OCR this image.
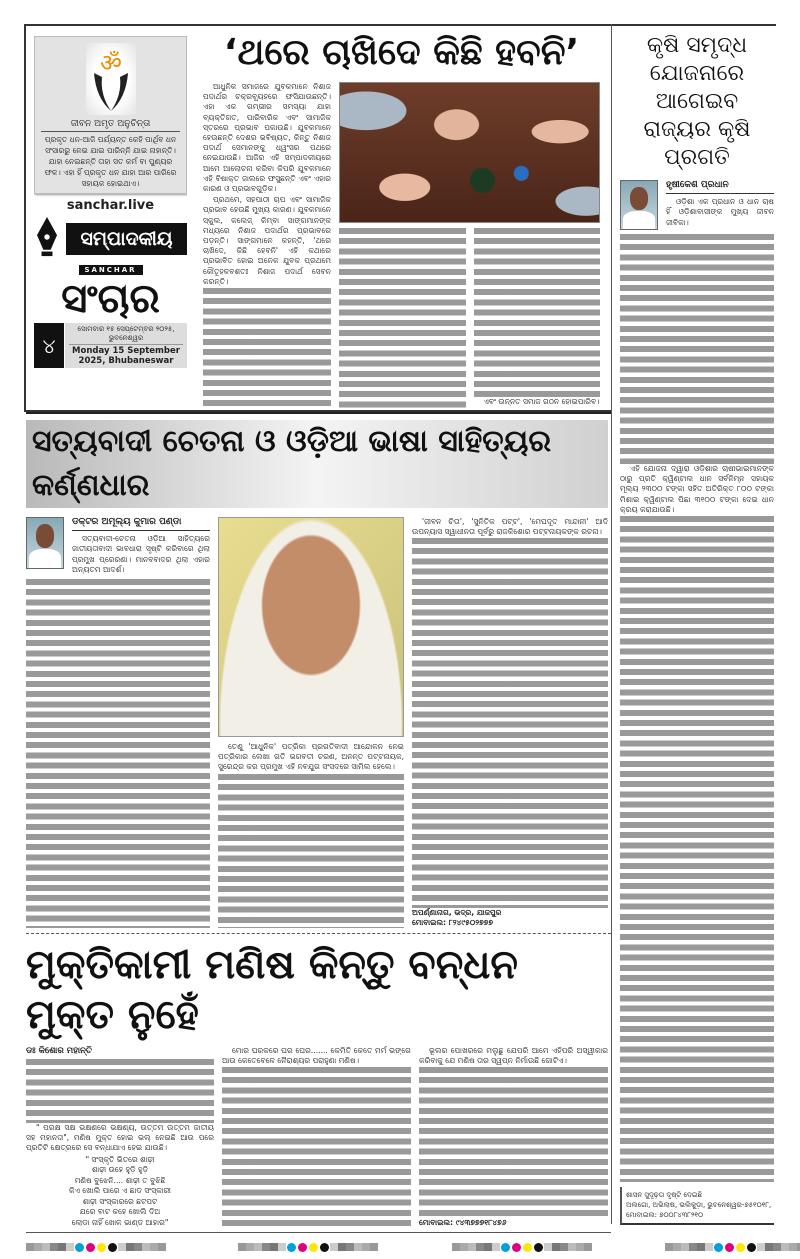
ॐ
ଜୀବନ ଅମୃତ ଅନୁଚିନ୍ତା

ପ୍ରକୃତ ଧନ-ଆଜି ପର୍ଯ୍ୟନ୍ତ କେହି ପାର୍ଥିବ ଧନ ସଂସାରରୁ ନେଇ ଯାଇ ପାରିନ୍ନି ଯାଇ ନାହାନ୍ତି। ଯାହା ନେଇଛନ୍ତି ତାହା ସତ କର୍ମ ବା ପୁଣ୍ୟର ଫଳ। ଏହା ହିଁ ପ୍ରକୃତ ଧନ ଯାହା ଆର ପାରିରେ ସହାୟକ ହୋଇଥାଏ।

sanchar.live
ସମ୍ପାଦକୀୟ
SANCHAR
ସଂଚାର
୪
ସୋମବାର ୧୫ ସେପ୍ଟେମ୍ବର ୨୦୨୫, ଭୁବନେଶ୍ୱର
Monday 15 September 2025, Bhubaneswar
‘ଥରେ ଚାଖିଦେ କିଛି ହବନି’

ଆଧୁନିକ ସମାଜରେ ଯୁବକମାନେ ନିଶାଜ ପଦାର୍ଥର ଚକ୍ରବ୍ୟୂହରେ ଫସିଯାଉଛନ୍ତି। ଏହା ଏକ ଗମ୍ଭୀର ସମସ୍ୟା ଯାହା ବ୍ୟକ୍ତିଗତ, ପାରିବାରିକ ଏବଂ ସାମାଜିକ ସ୍ତରରେ ପ୍ରଭାବ ପକାଉଛି। ଯୁବକମାନେ ହେଉଛନ୍ତି ଦେଶର ଭବିଷ୍ୟତ, କିନ୍ତୁ ନିଶାଜ ପଦାର୍ଥ ସେମାନଙ୍କୁ ଧ୍ୱଂସର ପଥରେ ନେଇଯାଉଛି। ଆଜିର ଏହି ସମ୍ପାଦକୀୟରେ ଆମେ ଆଲୋଚନା କରିବା କିପରି ଯୁବକମାନେ ଏହି ବିଷାକ୍ତ ଜାଲରେ ଫସୁଛନ୍ତି ଏବଂ ଏହାର କାରଣ ଓ ପ୍ରଭାବଗୁଡ଼ିକ।

ପ୍ରଥମେ, ସହପାଠୀ ଚାପ ଏବଂ ସାମାଜିକ ପ୍ରଭାବ ହେଉଛି ମୁଖ୍ୟ କାରଣ। ଯୁବକମାନେ ସ୍କୁଲ, କଲେଜ୍ କିମ୍ବା ସାଙ୍ଗମାନଙ୍କ ମଧ୍ୟରେ ନିଶାଜ ପଦାର୍ଥର ପ୍ରଭାବରେ ପଡ଼ନ୍ତି। ସାଙ୍ଗମାନେ କହନ୍ତି, 'ଥରେ ଚାଖିଦେ, କିଛି ହେବନି' ଏହି କଥାରେ ପ୍ରଭାବିତ ହୋଇ ଅନେକ ଯୁବକ ପ୍ରଥମେ କୌତୂହଳବଶତଃ ନିଶାଜ ପଦାର୍ଥ ସେବନ କରନ୍ତି।

ଏବଂ ଉନ୍ନତ ସମାଜ ଗଠନ ହୋଇପାରିବ।

କୃଷି ସମୃଦ୍ଧ ଯୋଜନାରେ ଆଗେଇବ ରାଜ୍ୟର କୃଷି ପ୍ରଗତି
ହୃଷୀକେଶ ପ୍ରଧାନ

ଓଡ଼ିଶା ଏକ ପ୍ରଧାନ ଓ ଧାନ ଚାଷ ହିଁ ଓଡ଼ିଶାବାସୀଙ୍କ ମୁଖ୍ୟ ଜୀବନ ଜୀବିକା।

ଏହି ଯୋଜନା ଦ୍ୱାରା ଓଡ଼ିଶାର ଚାଷୀଭାଇମାନଙ୍କ ଠାରୁ ପ୍ରତି କ୍ୱିଣ୍ଟାଲ ଧାନ ସର୍ବନିମ୍ନ ସହାୟକ ମୂଲ୍ୟ ୨୩୦୦ ଟଙ୍କା ସହିତ ଅତିରିକ୍ତ ୮୦୦ ଟଙ୍କା ମିଶାଇ କ୍ୱିଣ୍ଟାଲ ପିଛା ୩୧୦୦ ଟଙ୍କା ଦେଇ ଧାନ କ୍ରୟ କରାଯାଉଛି।

ଶାସନ ସୁଦୃଢ଼ତା ଦୃଷ୍ଟି ଦେଇଛି
ଅଲଗୋ, ଅଭିଲାଷ, ଭଲିକୁଡ଼ା, ଭୁବନେଶ୍ୱର-୭୫୧୦୧୮,
ମୋବାଇଲ: ୭୦୦୮୪୩୮୨୧୦
ସତ୍ୟବାଦୀ ଚେତନା ଓ ଓଡ଼ିଆ ଭାଷା ସାହିତ୍ୟର କର୍ଣ୍ଣଧାର
ଡକ୍ଟର ଅମୂଲ୍ୟ କୁମାର ପଣ୍ଡା

ସତ୍ୟବାଦୀ-ଚେତନା ଓଡ଼ିଆ ସାହିତ୍ୟରେ ଜାତୀୟତାବାଦୀ ଭାବଧାରା ସୃଷ୍ଟି କରିବାରେ ଥିଲା ପ୍ରମୁଖ ପ୍ରେରଣା। ମାନବବାଦର ଥିଲା ଏହାର ଅନ୍ୟତମ ଆଦର୍ଶ।

ତେଣୁ 'ଆଧୁନିକ' ପତ୍ରିକା ପ୍ରଗତିବାଦୀ ଆନ୍ଦୋଳନ ନେଇ ପତ୍ରିକାର ଲେଖା ଗତି ଭଗବତୀ ଚରଣ, ଅନନ୍ତ ପଟ୍ଟନାୟକ, ସୁରେନ୍ଦ୍ର କର ପ୍ରମୁଖ ଏହି ନବଯୁଗ ସଂସଦରେ ସାମିଲ ହେଲେ।

'ଜୀବନ ଚିତା', 'ସୁନିତିକ ପଟ୍ଟ', 'ମେଘଦୂତ ମାନ୍ଦାନୀ' ଆଦି ଉପନ୍ୟାସ ସ୍ୱାଧୀନତା ପୂର୍ବରୁ ରାଜକିଶୋର ପଟ୍ଟନାୟକଙ୍କ ରଚନା।

ଅପର୍ଣ୍ଣାନାଗ, ଭଦ୍ର, ଯାଜପୁର
ମୋବାଇଲ: ୮୨୪୯୫୦୨୭୭୭
ମୁକ୍ତିକାମୀ ମଣିଷ କିନ୍ତୁ ବନ୍ଧନ ମୁକ୍ତ ନୁହେଁ
ଡଃ କିଶୋର ମହାନ୍ତି

" ପରକ୍ଷ ସକ୍ଷ ଭକ୍ଷଣରେ ଭକ୍ଷଣ୍ୟ, ଉତ୍ତମ ଉତ୍ତମ ଜାତୀୟ ସହ ମହାନତା", ମଣିଷ ମୁକ୍ତ ହୋଇ ଭଲ୍ ନେଇଛି ଆଉ ପରେ ପ୍ରତିଟି କ୍ଷେତ୍ରରେ ସେ ବନ୍ଧାଯାଏ ହେଇ ଯାଉଛି।

" ସଂସ୍କୃତି ଭିତରେ ଶାଢ଼ୀ
ଶାଢ଼ୀ ଉହେ ହୁଡ଼ି ହୁଡ଼ି
ମଣିଷ ବୁଝେନି.... ଶାଢ଼ୀ ତ ବୁଝିଛି
କିଏ ଖୋଲି ପାରେ ଏ ଛାଡ ସଂସ୍କାରୀ
ଶାଢ଼ୀ ସଂସ୍କାରରେ ଛଟପଟ
ଯରେ ବାଟ କହେ ଖୋଲି ଦିଅ
ଲୋଡା ନାହିଁ ଖୋଳ ଭାଣ୍ଡ ଆହାର"

ମୋର ଘରକରେ ଘର ଘେର....... କେମିତି କେତେ ମର୍ମ ଭଙ୍ଗେ ଆଉ କେତେବେଳେ ନୈରାଶ୍ୟର ପରାହୁଣା ମଣିଷ।

ଭୂଲର ପୋଖରରେ ମଲୁଛୁ ଯେପରି ଆମେ ଏହିପରି ଅସ୍ୱୀକାର କରିବାକୁ ଯେ ମଣିଷ ତାର ସ୍ୱପ୍ନ ନିର୍ମାଉଛି ଗୋଟିଏ।

ମୋବାଇଲ: ୯୪୩୭୭୭୧୮୪୭୬
